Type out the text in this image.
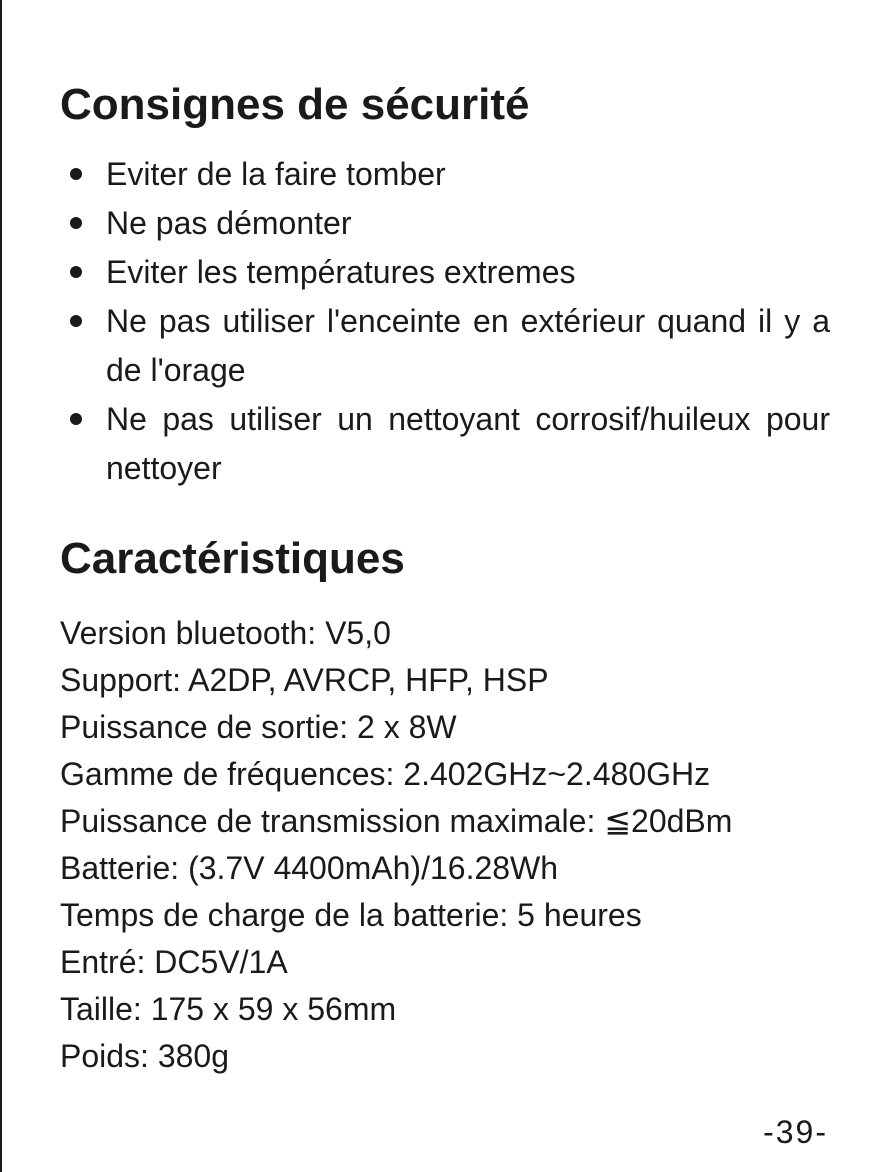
Consignes de sécurité
Eviter de la faire tomber
Ne pas démonter
Eviter les températures extremes
Ne pas utiliser l'enceinte en extérieur quand il y a de l'orage
Ne pas utiliser un nettoyant corrosif/huileux pour nettoyer
Caractéristiques
Version bluetooth: V5,0
Support: A2DP, AVRCP, HFP, HSP
Puissance de sortie: 2 x 8W
Gamme de fréquences: 2.402GHz~2.480GHz
Puissance de transmission maximale: ≦20dBm
Batterie: (3.7V 4400mAh)/16.28Wh
Temps de charge de la batterie: 5 heures
Entré: DC5V/1A
Taille: 175 x 59 x 56mm
Poids: 380g
-39-
